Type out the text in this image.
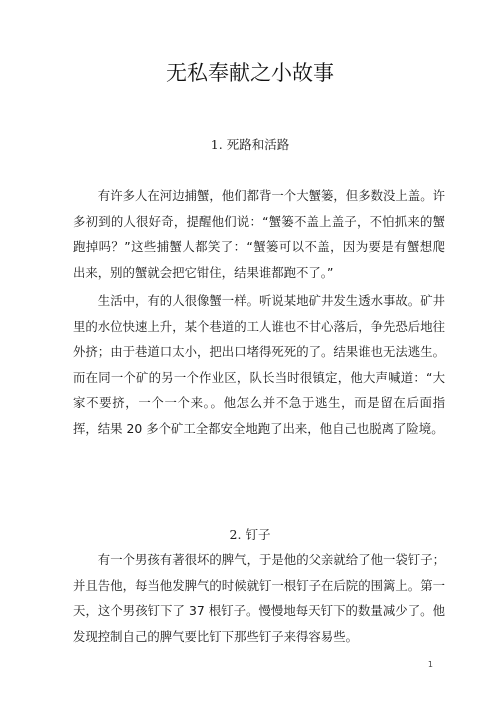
无私奉献之小故事
1. 死路和活路

有许多人在河边捕蟹，他们都背一个大蟹篓，但多数没上盖。许多初到的人很好奇，提醒他们说：“蟹篓不盖上盖子，不怕抓来的蟹跑掉吗？”这些捕蟹人都笑了：“蟹篓可以不盖，因为要是有蟹想爬出来，别的蟹就会把它钳住，结果谁都跑不了。”

生活中，有的人很像蟹一样。听说某地矿井发生透水事故。矿井里的水位快速上升，某个巷道的工人谁也不甘心落后，争先恐后地往外挤；由于巷道口太小，把出口堵得死死的了。结果谁也无法逃生。而在同一个矿的另一个作业区，队长当时很镇定，他大声喊道：“大家不要挤，一个一个来。。他怎么并不急于逃生，而是留在后面指挥，结果 20 多个矿工全都安全地跑了出来，他自己也脱离了险境。

2. 钉子

有一个男孩有著很坏的脾气，于是他的父亲就给了他一袋钉子；并且告他，每当他发脾气的时候就钉一根钉子在后院的围篱上。第一天，这个男孩钉下了 37 根钉子。慢慢地每天钉下的数量减少了。他发现控制自己的脾气要比钉下那些钉子来得容易些。

1
